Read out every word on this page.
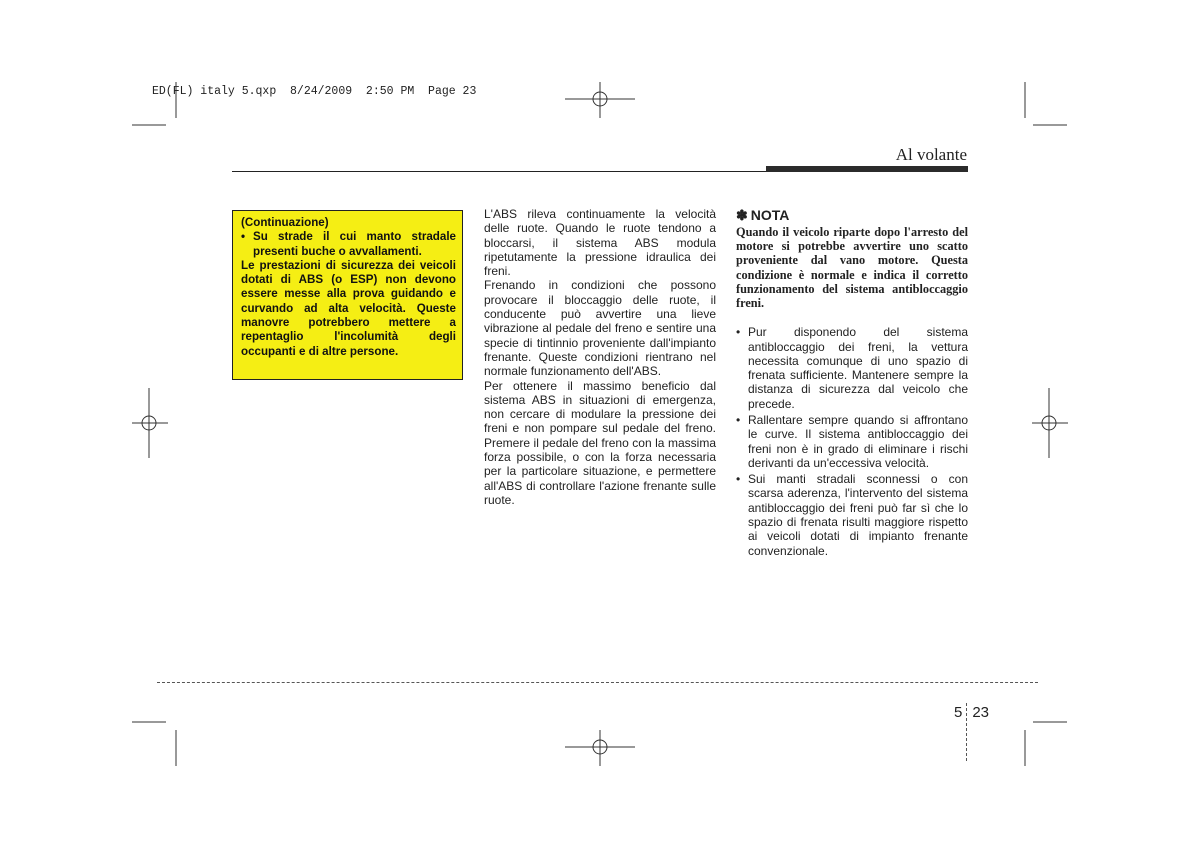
ED(FL) italy 5.qxp  8/24/2009  2:50 PM  Page 23
Al volante

(Continuazione)

• Su strade il cui manto stradale presenti buche o avvallamenti.

Le prestazioni di sicurezza dei veicoli dotati di ABS (o ESP) non devono essere messe alla prova guidando e curvando ad alta velocità. Queste manovre potrebbero mettere a repentaglio l'incolumità degli occupanti e di altre persone.

L'ABS rileva continuamente la velocità delle ruote. Quando le ruote tendono a bloccarsi, il sistema ABS modula ripetutamente la pressione idraulica dei freni.

Frenando in condizioni che possono provocare il bloccaggio delle ruote, il conducente può avvertire una lieve vibrazione al pedale del freno e sentire una specie di tintinnio proveniente dall'impianto frenante. Queste condizioni rientrano nel normale funzionamento dell'ABS.

Per ottenere il massimo beneficio dal sistema ABS in situazioni di emergenza, non cercare di modulare la pressione dei freni e non pompare sul pedale del freno. Premere il pedale del freno con la massima forza possibile, o con la forza necessaria per la particolare situazione, e permettere all'ABS di controllare l'azione frenante sulle ruote.

✽ NOTA

Quando il veicolo riparte dopo l'arresto del motore si potrebbe avvertire uno scatto proveniente dal vano motore. Questa condizione è normale e indica il corretto funzionamento del sistema antibloccaggio freni.

• Pur disponendo del sistema antibloccaggio dei freni, la vettura necessita comunque di uno spazio di frenata sufficiente. Mantenere sempre la distanza di sicurezza dal veicolo che precede.
• Rallentare sempre quando si affrontano le curve. Il sistema antibloccaggio dei freni non è in grado di eliminare i rischi derivanti da un'eccessiva velocità.
• Sui manti stradali sconnessi o con scarsa aderenza, l'intervento del sistema antibloccaggio dei freni può far sì che lo spazio di frenata risulti maggiore rispetto ai veicoli dotati di impianto frenante convenzionale.
5 23
